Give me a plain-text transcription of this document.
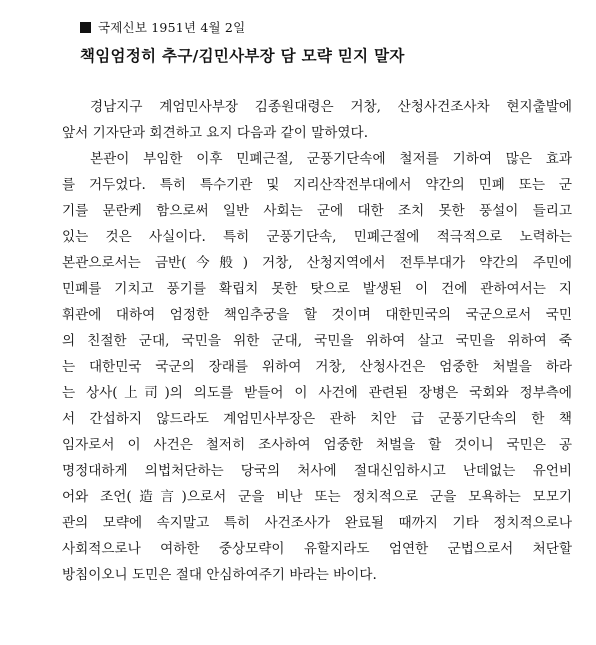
국제신보 1951년 4월 2일
책임엄정히 추구/김민사부장 담 모략 믿지 말자
경남지구 계엄민사부장 김종원대령은 거창, 산청사건조사차 현지출발에
앞서 기자단과 회견하고 요지 다음과 같이 말하였다.
본관이 부임한 이후 민폐근절, 군풍기단속에 철저를 기하여 많은 효과
를 거두었다. 특히 특수기관 및 지리산작전부대에서 약간의 민폐 또는 군
기를 문란케 함으로써 일반 사회는 군에 대한 조치 못한 풍설이 들리고
있는 것은 사실이다. 특히 군풍기단속, 민폐근절에 적극적으로 노력하는
본관으로서는 금반(今般) 거창, 산청지역에서 전투부대가 약간의 주민에
민폐를 기치고 풍기를 확립치 못한 탓으로 발생된 이 건에 관하여서는 지
휘관에 대하여 엄정한 책임추궁을 할 것이며 대한민국의 국군으로서 국민
의 친절한 군대, 국민을 위한 군대, 국민을 위하여 살고 국민을 위하여 죽
는 대한민국 국군의 장래를 위하여 거창, 산청사건은 엄중한 처벌을 하라
는 상사(上司)의 의도를 받들어 이 사건에 관련된 장병은 국회와 정부측에
서 간섭하지 않드라도 계엄민사부장은 관하 치안 급 군풍기단속의 한 책
임자로서 이 사건은 철저히 조사하여 엄중한 처벌을 할 것이니 국민은 공
명정대하게 의법처단하는 당국의 처사에 절대신임하시고 난데없는 유언비
어와 조언(造言)으로서 군을 비난 또는 정치적으로 군을 모욕하는 모모기
관의 모략에 속지말고 특히 사건조사가 완료될 때까지 기타 정치적으로나
사회적으로나 여하한 중상모략이 유할지라도 엄연한 군법으로서 처단할
방침이오니 도민은 절대 안심하여주기 바라는 바이다.
